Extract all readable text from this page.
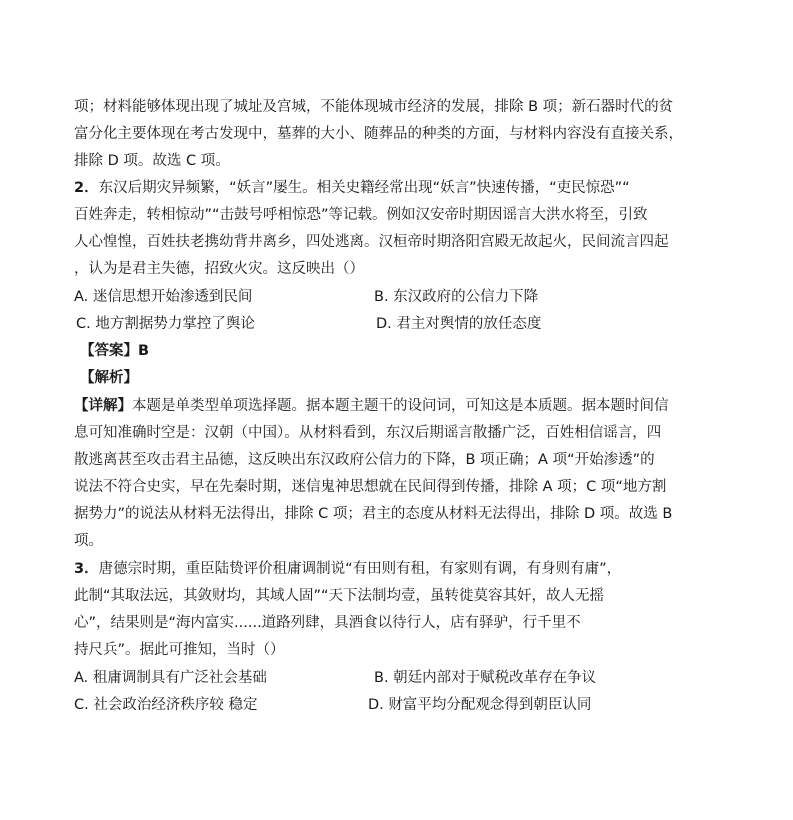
项；材料能够体现出现了城址及宫城，不能体现城市经济的发展，排除 B 项；新石器时代的贫
富分化主要体现在考古发现中，墓葬的大小、随葬品的种类的方面，与材料内容没有直接关系，
排除 D 项。故选 C 项。
2．东汉后期灾异频繁，“妖言”屡生。相关史籍经常出现“妖言”快速传播，“吏民惊恐”“
百姓奔走，转相惊动”“击鼓号呼相惊恐”等记载。例如汉安帝时期因谣言大洪水将至，引致
人心惶惶，百姓扶老携幼背井离乡，四处逃离。汉桓帝时期洛阳宫殿无故起火，民间流言四起
，认为是君主失德，招致火灾。这反映出（）
A. 迷信思想开始渗透到民间	B. 东汉政府的公信力下降
C. 地方割据势力掌控了舆论	D. 君主对舆情的放任态度
【答案】B
【解析】
【详解】本题是单类型单项选择题。据本题主题干的设问词，可知这是本质题。据本题时间信
息可知准确时空是：汉朝（中国）。从材料看到，东汉后期谣言散播广泛，百姓相信谣言，四
散逃离甚至攻击君主品德，这反映出东汉政府公信力的下降，B 项正确；A 项“开始渗透”的
说法不符合史实，早在先秦时期，迷信鬼神思想就在民间得到传播，排除 A 项；C 项“地方割
据势力”的说法从材料无法得出，排除 C 项；君主的态度从材料无法得出，排除 D 项。故选 B
项。
3．唐德宗时期，重臣陆贽评价租庸调制说“有田则有租，有家则有调，有身则有庸”，
此制“其取法远，其敛财均，其域人固”“天下法制均壹，虽转徙莫容其奸，故人无摇
心”，结果则是“海内富实......道路列肆，具酒食以待行人，店有驿驴，行千里不
持尺兵”。据此可推知，当时（）
A. 租庸调制具有广泛社会基础	B. 朝廷内部对于赋税改革存在争议
C. 社会政治经济秩序较 稳定	D. 财富平均分配观念得到朝臣认同
